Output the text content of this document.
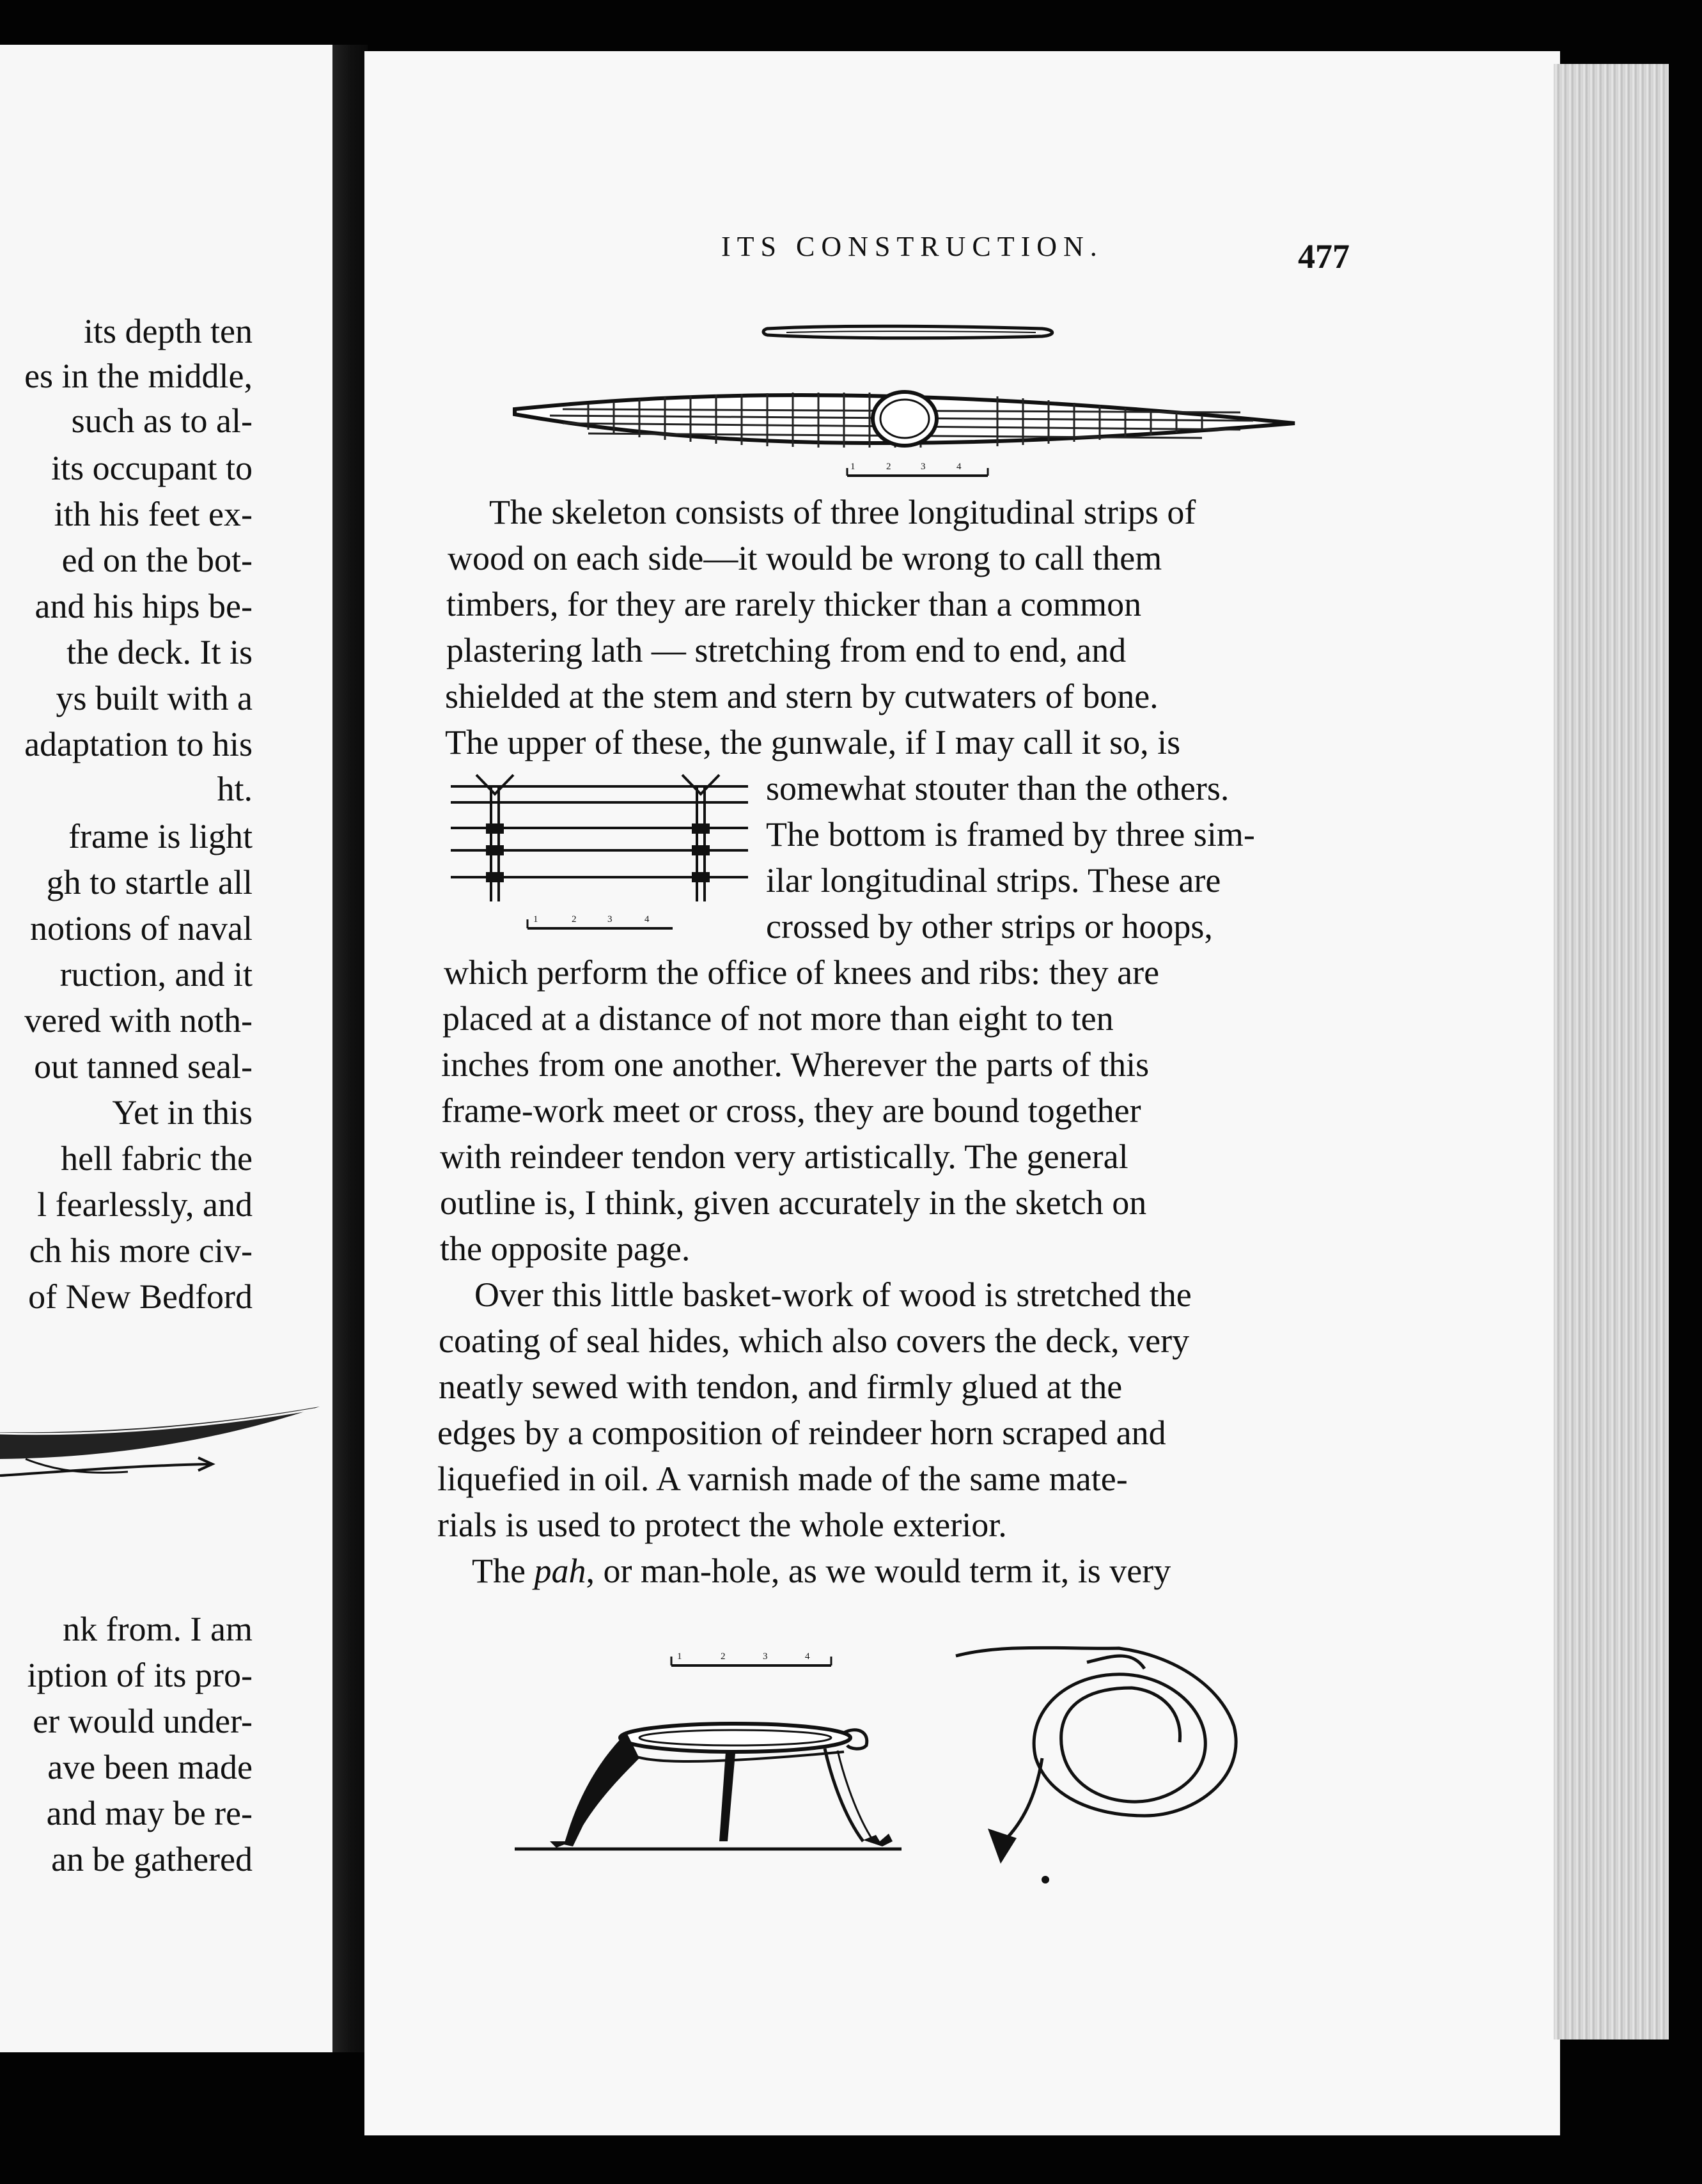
its depth ten
es in the middle,
such as to al-
its occupant to
ith his feet ex-
ed on the bot-
and his hips be-
the deck. It is
ys built with a
adaptation to his
ht.
frame is light
gh to startle all
notions of naval
ruction, and it
vered with noth-
out tanned seal-
Yet in this
hell fabric the
l fearlessly, and
ch his more civ-
of New Bedford
nk from. I am
iption of its pro-
er would under-
ave been made
and may be re-
an be gathered
ITS CONSTRUCTION.	477
1	2	3	4
The skeleton consists of three longitudinal strips of
wood on each side—it would be wrong to call them
timbers, for they are rarely thicker than a common
plastering lath — stretching from end to end, and
shielded at the stem and stern by cutwaters of bone.
The upper of these, the gunwale, if I may call it so, is
1	2	3	4
somewhat stouter than the others.
The bottom is framed by three sim-
ilar longitudinal strips. These are
crossed by other strips or hoops,
which perform the office of knees and ribs: they are
placed at a distance of not more than eight to ten
inches from one another. Wherever the parts of this
frame-work meet or cross, they are bound together
with reindeer tendon very artistically. The general
outline is, I think, given accurately in the sketch on
the opposite page.
Over this little basket-work of wood is stretched the
coating of seal hides, which also covers the deck, very
neatly sewed with tendon, and firmly glued at the
edges by a composition of reindeer horn scraped and
liquefied in oil. A varnish made of the same mate-
rials is used to protect the whole exterior.
The pah, or man-hole, as we would term it, is very
1	2	3	4
